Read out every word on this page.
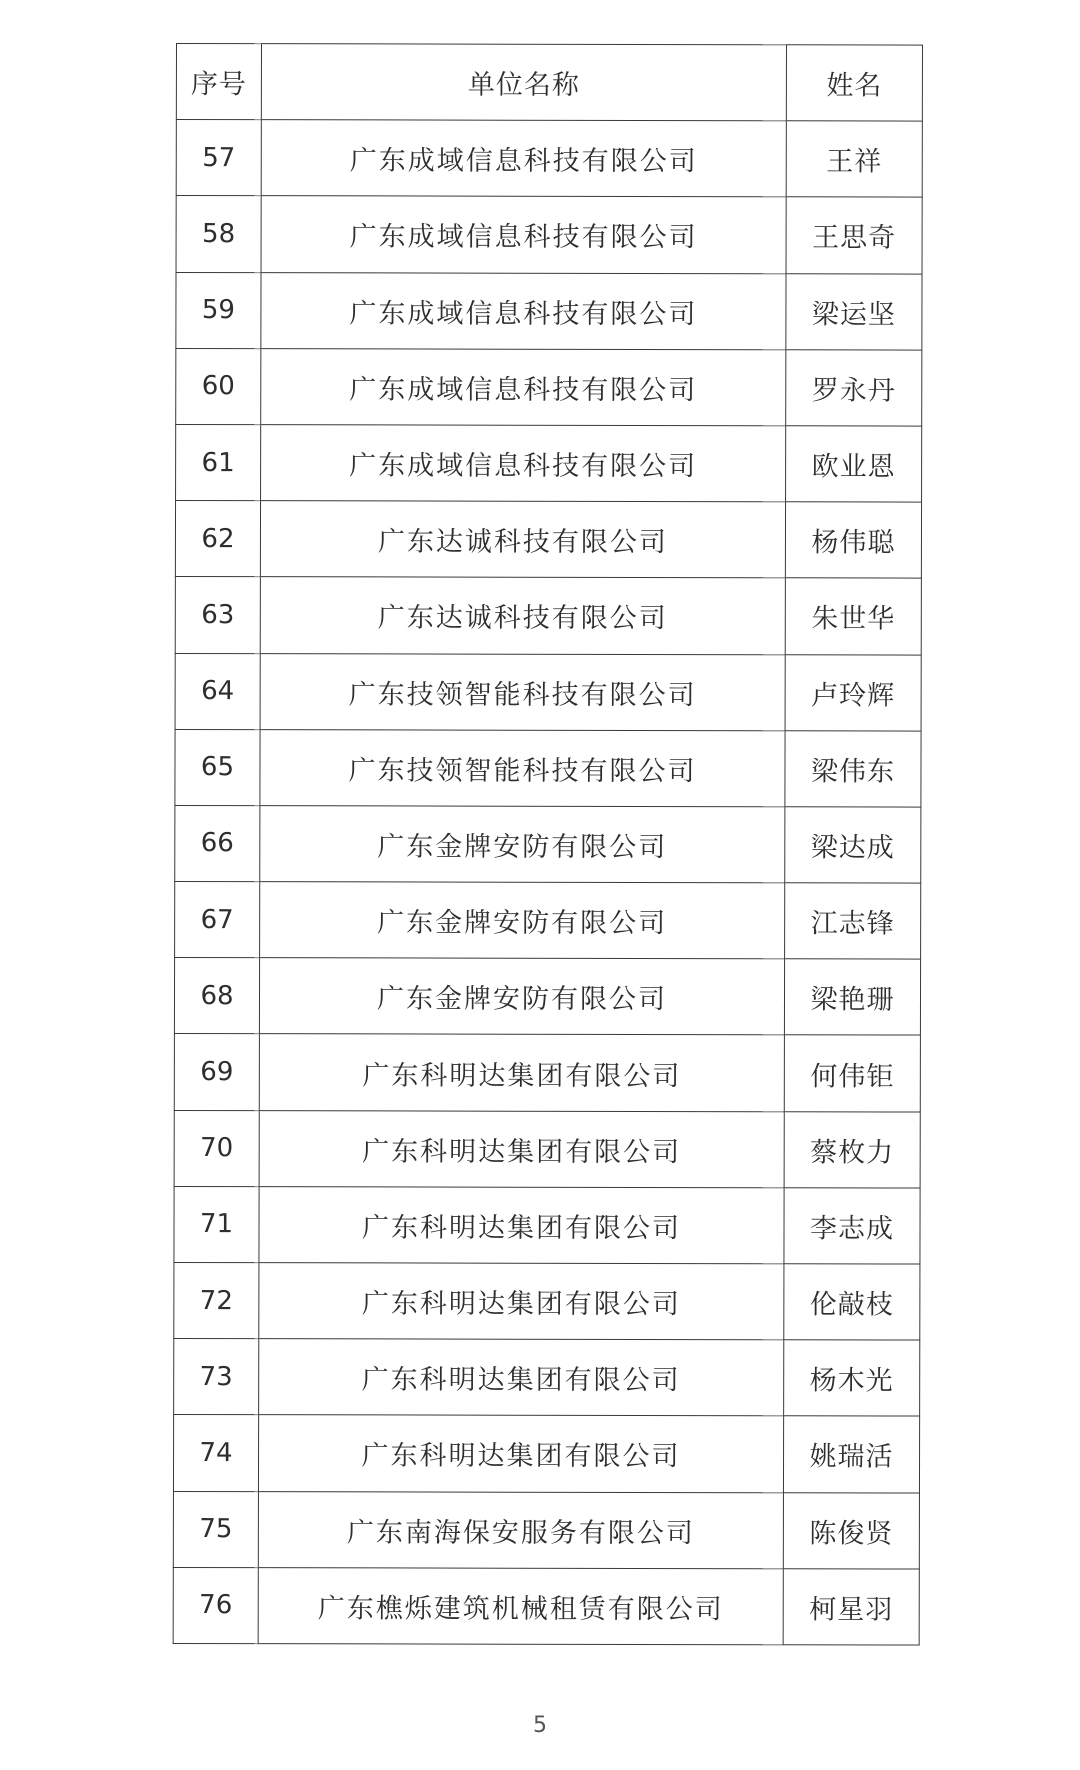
序号	单位名称	姓名
57	广东成域信息科技有限公司	王祥
58	广东成域信息科技有限公司	王思奇
59	广东成域信息科技有限公司	梁运坚
60	广东成域信息科技有限公司	罗永丹
61	广东成域信息科技有限公司	欧业恩
62	广东达诚科技有限公司	杨伟聪
63	广东达诚科技有限公司	朱世华
64	广东技领智能科技有限公司	卢玲辉
65	广东技领智能科技有限公司	梁伟东
66	广东金牌安防有限公司	梁达成
67	广东金牌安防有限公司	江志锋
68	广东金牌安防有限公司	梁艳珊
69	广东科明达集团有限公司	何伟钜
70	广东科明达集团有限公司	蔡枚力
71	广东科明达集团有限公司	李志成
72	广东科明达集团有限公司	伦敲枝
73	广东科明达集团有限公司	杨木光
74	广东科明达集团有限公司	姚瑞活
75	广东南海保安服务有限公司	陈俊贤
76	广东樵烁建筑机械租赁有限公司	柯星羽
5
